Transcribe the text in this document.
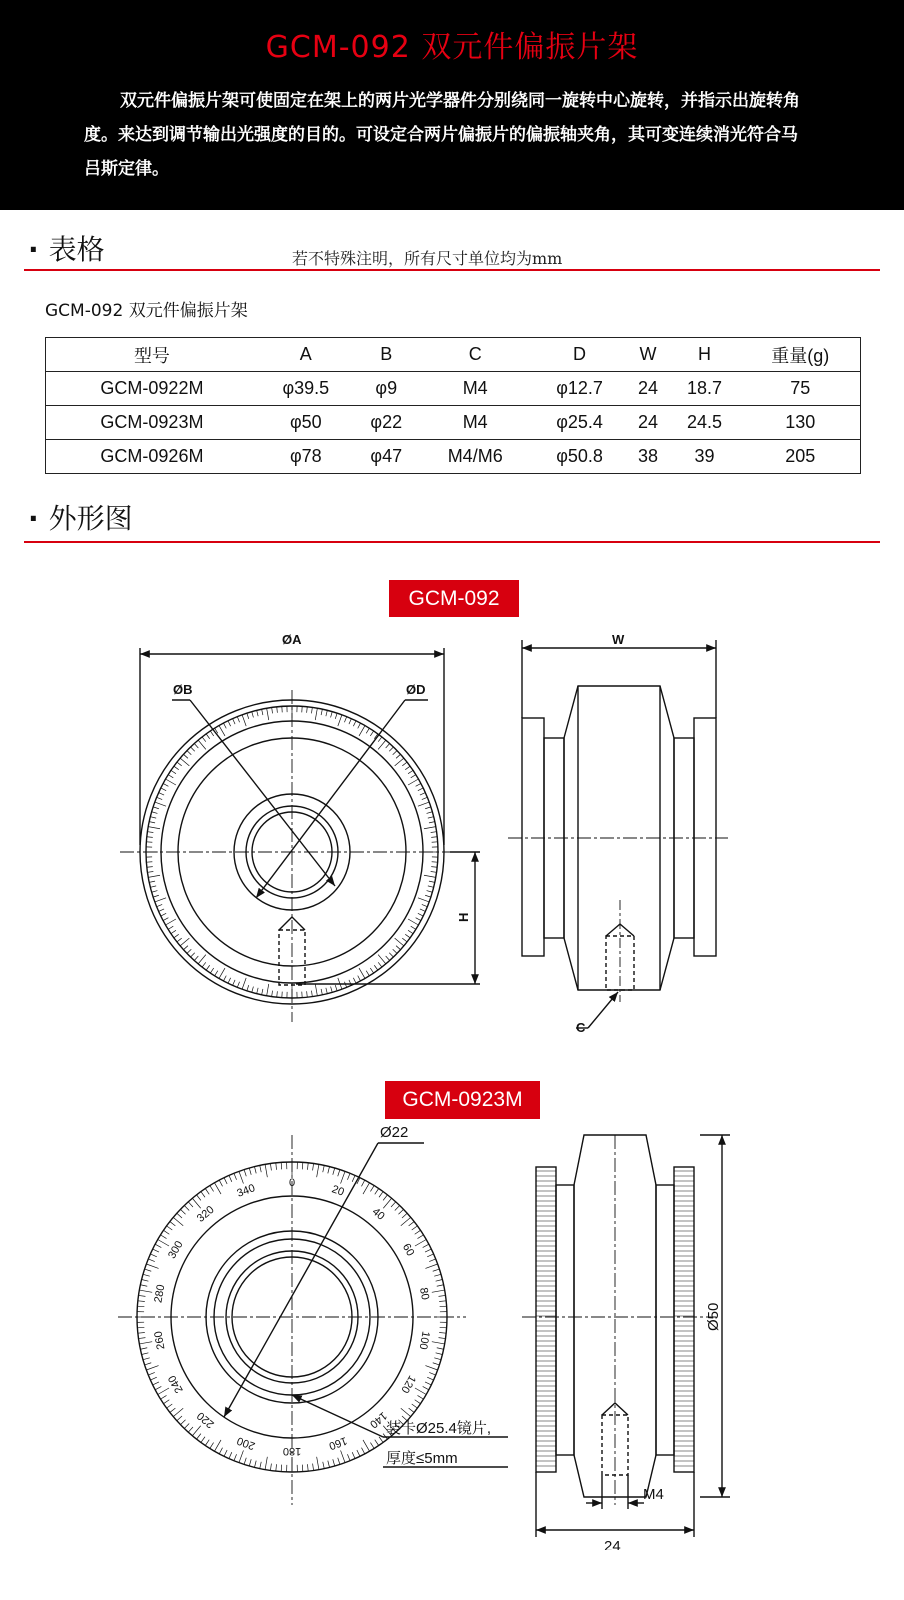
GCM-092 双元件偏振片架

双元件偏振片架可使固定在架上的两片光学器件分别绕同一旋转中心旋转，并指示出旋转角度。来达到调节输出光强度的目的。可设定合两片偏振片的偏振轴夹角，其可变连续消光符合马吕斯定律。

· 表格	若不特殊注明，所有尺寸单位均为mm
GCM-092 双元件偏振片架
型号	A	B	C	D	W	H	重量(g)
GCM-0922M	φ39.5	φ9	M4	φ12.7	24	18.7	75
GCM-0923M	φ50	φ22	M4	φ25.4	24	24.5	130
GCM-0926M	φ78	φ47	M4/M6	φ50.8	38	39	205
· 外形图
GCM-092
ØA
ØB	ØD
W
H
C
GCM-0923M
Ø22
装卡Ø25.4镜片,
厚度≤5mm
Ø50
M4
24
0
20
40
60
80
100
120
140
160
180
200
220
240
260
280
300
320
340
